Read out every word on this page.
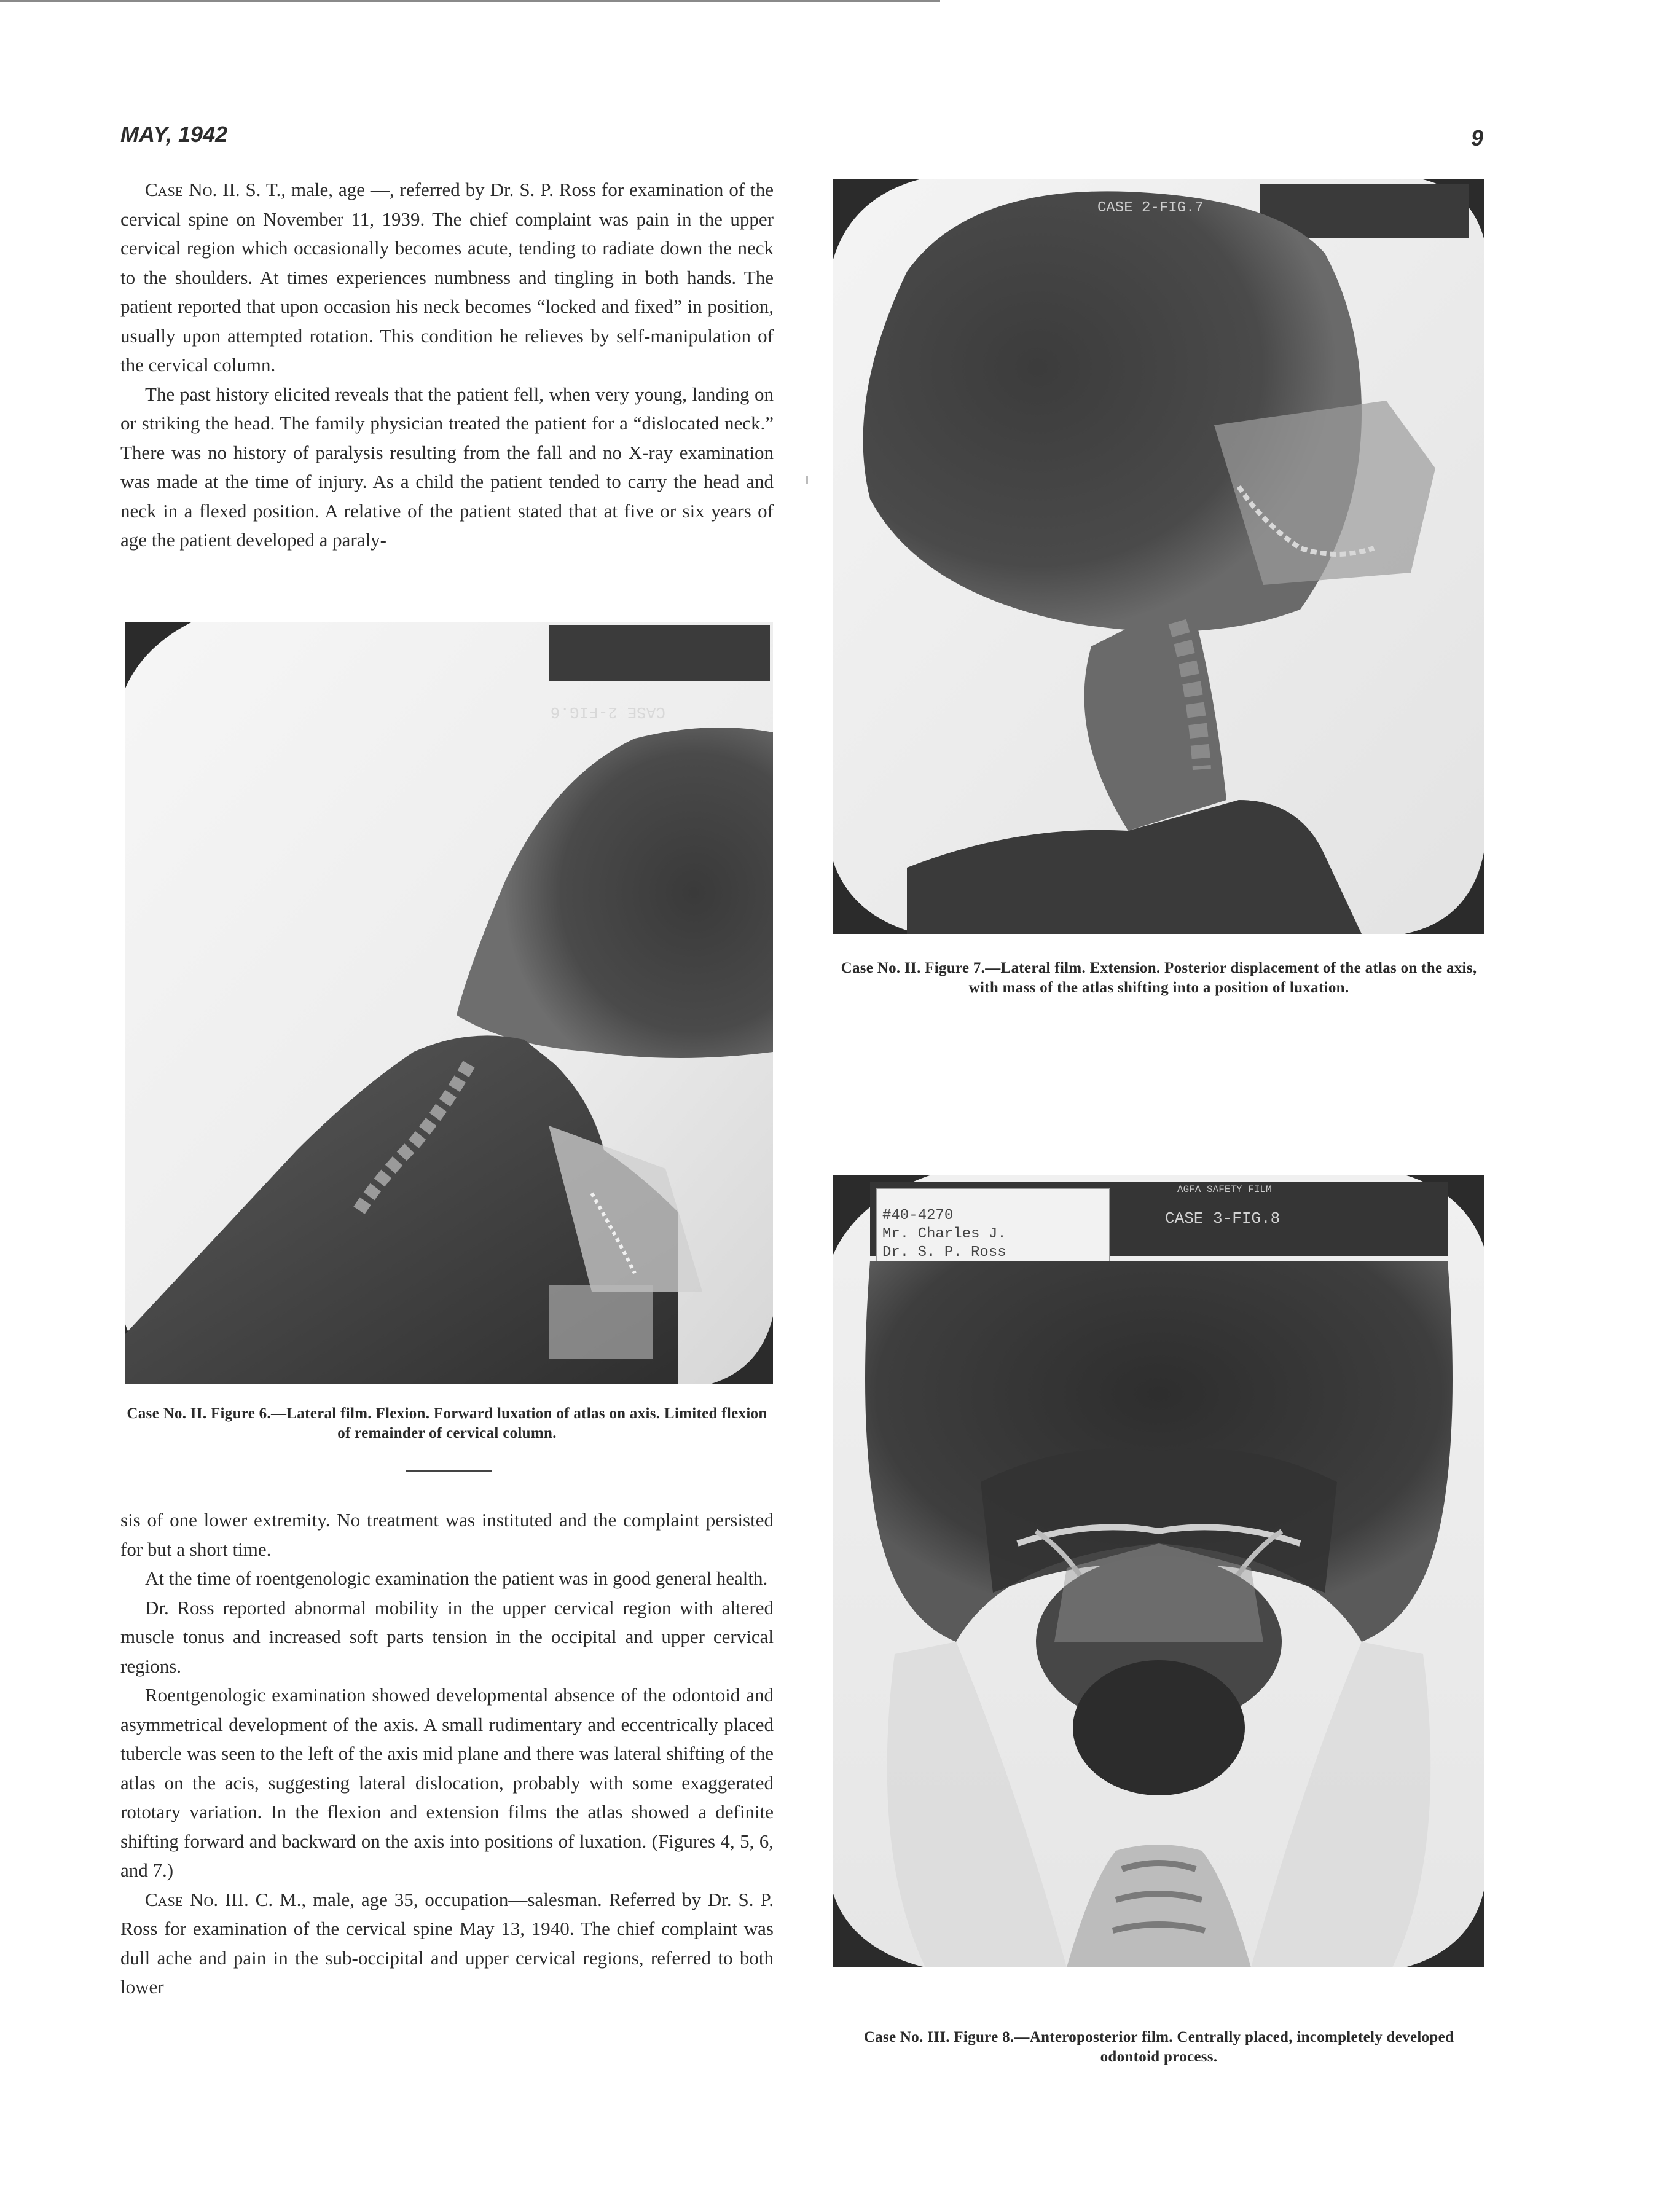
MAY, 1942	9

Case No. II. S. T., male, age —, referred by Dr. S. P. Ross for examination of the cervical spine on November 11, 1939. The chief complaint was pain in the upper cervical region which occasionally becomes acute, tending to radiate down the neck to the shoulders. At times experiences numbness and tingling in both hands. The patient reported that upon occasion his neck becomes “locked and fixed” in position, usually upon attempted rotation. This condition he relieves by self-manipulation of the cervical column.

The past history elicited reveals that the patient fell, when very young, landing on or striking the head. The family physician treated the patient for a “dislocated neck.” There was no history of paralysis resulting from the fall and no X-ray examination was made at the time of injury. As a child the patient tended to carry the head and neck in a flexed position. A relative of the patient stated that at five or six years of age the patient developed a paraly-

CASE 2-FIG.6
Case No. II. Figure 6.—Lateral film. Flexion. Forward luxation of atlas on axis. Limited flexion of remainder of cervical column.

sis of one lower extremity. No treatment was instituted and the complaint persisted for but a short time.

At the time of roentgenologic examination the patient was in good general health.

Dr. Ross reported abnormal mobility in the upper cervical region with altered muscle tonus and increased soft parts tension in the occipital and upper cervical regions.

Roentgenologic examination showed developmental absence of the odontoid and asymmetrical development of the axis. A small rudimentary and eccentrically placed tubercle was seen to the left of the axis mid plane and there was lateral shifting of the atlas on the acis, suggesting lateral dislocation, probably with some exaggerated rototary variation. In the flexion and extension films the atlas showed a definite shifting forward and backward on the axis into positions of luxation. (Figures 4, 5, 6, and 7.)

Case No. III. C. M., male, age 35, occupation—salesman. Referred by Dr. S. P. Ross for examination of the cervical spine May 13, 1940. The chief complaint was dull ache and pain in the sub-occipital and upper cervical regions, referred to both lower

CASE 2-FIG.7
Case No. II. Figure 7.—Lateral film. Extension. Posterior displacement of the atlas on the axis, with mass of the atlas shifting into a position of luxation.
AGFA SAFETY FILM
#40-4270
Mr. Charles J.
Dr. S. P. Ross
CASE 3-FIG.8
Case No. III. Figure 8.—Anteroposterior film. Centrally placed, incompletely developed odontoid process.
